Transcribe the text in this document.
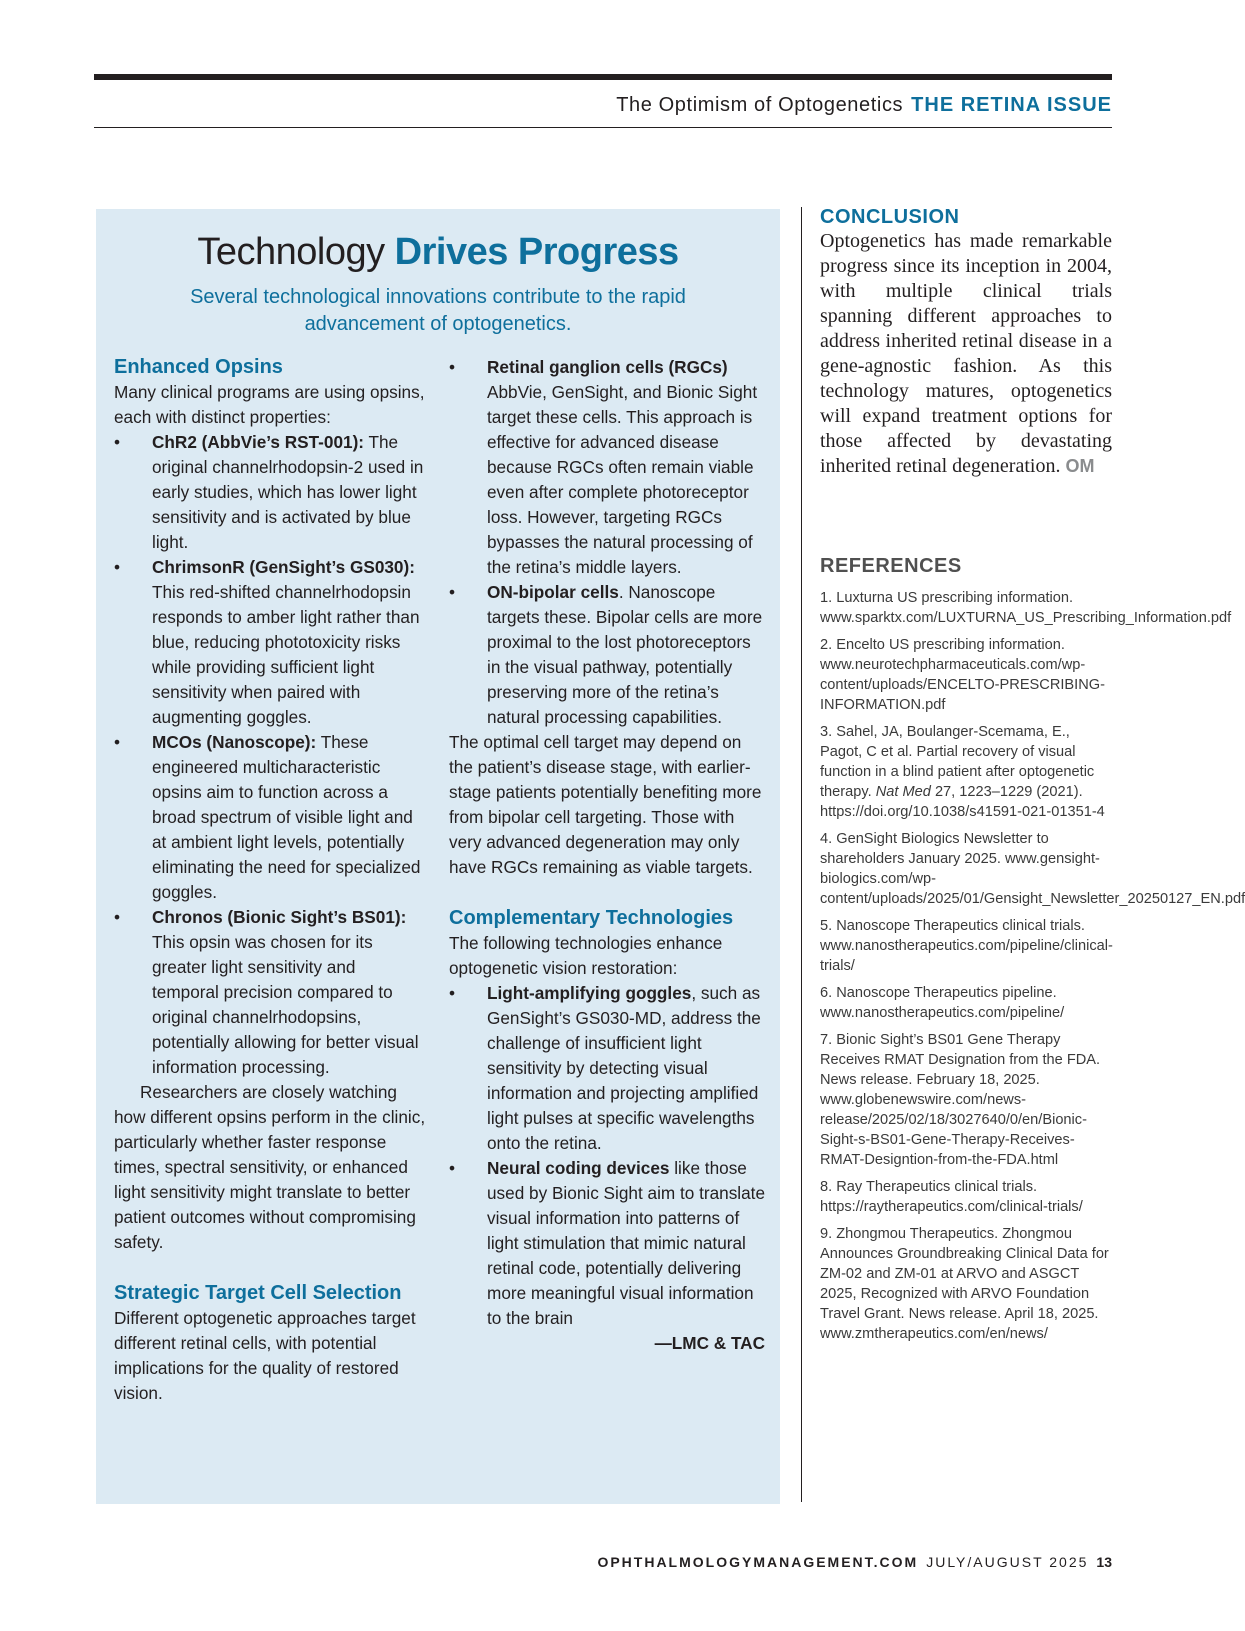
The Optimism of Optogenetics THE RETINA ISSUE
Technology Drives Progress
Several technological innovations contribute to the rapid advancement of optogenetics.

Enhanced Opsins

Many clinical programs are using opsins, each with distinct properties:

• ChR2 (AbbVie’s RST-001): The original channelrhodopsin-2 used in early studies, which has lower light sensitivity and is activated by blue light.

• ChrimsonR (GenSight’s GS030): This red-shifted channelrhodopsin responds to amber light rather than blue, reducing phototoxicity risks while providing sufficient light sensitivity when paired with augmenting goggles.

• MCOs (Nanoscope): These engineered multicharacteristic opsins aim to function across a broad spectrum of visible light and at ambient light levels, potentially eliminating the need for specialized goggles.

• Chronos (Bionic Sight’s BS01): This opsin was chosen for its greater light sensitivity and temporal precision compared to original channelrhodopsins, potentially allowing for better visual information processing.

Researchers are closely watching how different opsins perform in the clinic, particularly whether faster response times, spectral sensitivity, or enhanced light sensitivity might translate to better patient outcomes without compromising safety.

Strategic Target Cell Selection

Different optogenetic approaches target different retinal cells, with potential implications for the quality of restored vision.

• Retinal ganglion cells (RGCs) AbbVie, GenSight, and Bionic Sight target these cells. This approach is effective for advanced disease because RGCs often remain viable even after complete photoreceptor loss. However, targeting RGCs bypasses the natural processing of the retina’s middle layers.

• ON-bipolar cells. Nanoscope targets these. Bipolar cells are more proximal to the lost photoreceptors in the visual pathway, potentially preserving more of the retina’s natural processing capabilities.

The optimal cell target may depend on the patient’s disease stage, with earlier-stage patients potentially benefiting more from bipolar cell targeting. Those with very advanced degeneration may only have RGCs remaining as viable targets.

Complementary Technologies

The following technologies enhance optogenetic vision restoration:

• Light-amplifying goggles, such as GenSight’s GS030-MD, address the challenge of insufficient light sensitivity by detecting visual information and projecting amplified light pulses at specific wavelengths onto the retina.

• Neural coding devices like those used by Bionic Sight aim to translate visual information into patterns of light stimulation that mimic natural retinal code, potentially delivering more meaningful visual information to the brain

—LMC & TAC

CONCLUSION

Optogenetics has made remarkable progress since its inception in 2004, with multiple clinical trials spanning different approaches to address inherited retinal disease in a gene-agnostic fashion. As this technology matures, optogenetics will expand treatment options for those affected by devastating inherited retinal degeneration. OM

REFERENCES

1. Luxturna US prescribing information. www.sparktx.com/LUXTURNA_US_Prescribing_Information.pdf
2. Encelto US prescribing information. www.neurotechpharmaceuticals.com/wp-content/uploads/ENCELTO-PRESCRIBING-INFORMATION.pdf
3. Sahel, JA, Boulanger-Scemama, E., Pagot, C et al. Partial recovery of visual function in a blind patient after optogenetic therapy. Nat Med 27, 1223–1229 (2021). https://doi.org/10.1038/s41591-021-01351-4
4. GenSight Biologics Newsletter to shareholders January 2025. www.gensight-biologics.com/wp-content/uploads/2025/01/Gensight_Newsletter_20250127_EN.pdf
5. Nanoscope Therapeutics clinical trials. www.nanostherapeutics.com/pipeline/clinical-trials/
6. Nanoscope Therapeutics pipeline. www.nanostherapeutics.com/pipeline/
7. Bionic Sight’s BS01 Gene Therapy Receives RMAT Designation from the FDA. News release. February 18, 2025. www.globenewswire.com/news-release/2025/02/18/3027640/0/en/Bionic-Sight-s-BS01-Gene-Therapy-Receives-RMAT-Designtion-from-the-FDA.html
8. Ray Therapeutics clinical trials. https://raytherapeutics.com/clinical-trials/
9. Zhongmou Therapeutics. Zhongmou Announces Groundbreaking Clinical Data for ZM-02 and ZM-01 at ARVO and ASGCT 2025, Recognized with ARVO Foundation Travel Grant. News release. April 18, 2025. www.zmtherapeutics.com/en/news/
OPHTHALMOLOGYMANAGEMENT.COM JULY/AUGUST 2025 13
